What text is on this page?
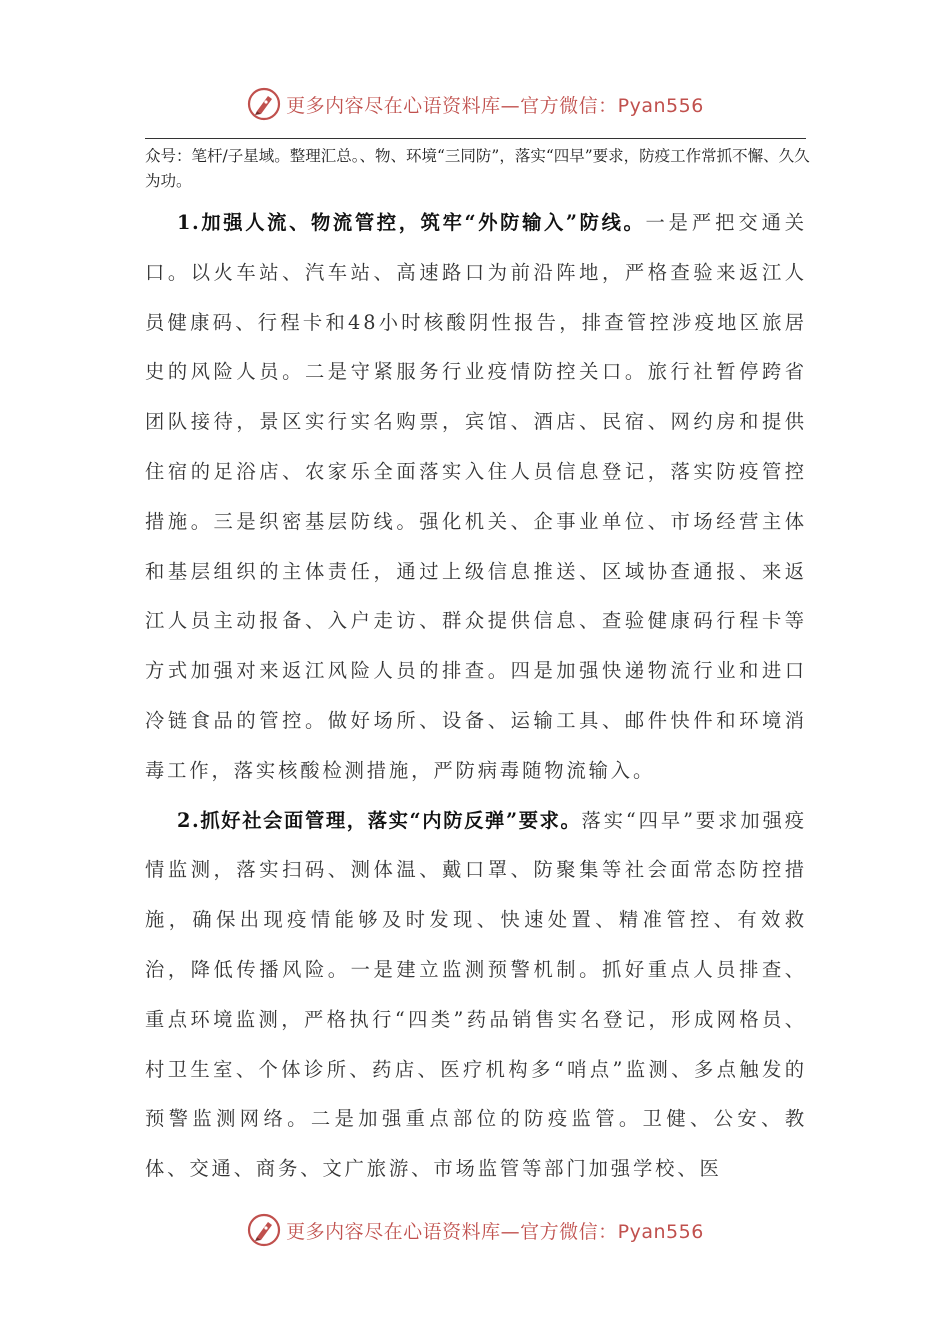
更多内容尽在心语资料库—官方微信：Pyan556
众号：笔杆/子星域。整理汇总。、物、环境“三同防”，落实“四早”要求，防疫工作常抓不懈、久久为功。

1.加强人流、物流管控，筑牢“外防输入”防线。一是严把交通关口。以火车站、汽车站、高速路口为前沿阵地，严格查验来返江人员健康码、行程卡和48小时核酸阴性报告，排查管控涉疫地区旅居史的风险人员。二是守紧服务行业疫情防控关口。旅行社暂停跨省团队接待，景区实行实名购票，宾馆、酒店、民宿、网约房和提供住宿的足浴店、农家乐全面落实入住人员信息登记，落实防疫管控措施。三是织密基层防线。强化机关、企事业单位、市场经营主体和基层组织的主体责任，通过上级信息推送、区域协查通报、来返江人员主动报备、入户走访、群众提供信息、查验健康码行程卡等方式加强对来返江风险人员的排查。四是加强快递物流行业和进口冷链食品的管控。做好场所、设备、运输工具、邮件快件和环境消毒工作，落实核酸检测措施，严防病毒随物流输入。

2.抓好社会面管理，落实“内防反弹”要求。落实“四早”要求加强疫情监测，落实扫码、测体温、戴口罩、防聚集等社会面常态防控措施，确保出现疫情能够及时发现、快速处置、精准管控、有效救治，降低传播风险。一是建立监测预警机制。抓好重点人员排查、重点环境监测，严格执行“四类”药品销售实名登记，形成网格员、村卫生室、个体诊所、药店、医疗机构多“哨点”监测、多点触发的预警监测网络。二是加强重点部位的防疫监管。卫健、公安、教体、交通、商务、文广旅游、市场监管等部门加强学校、医

更多内容尽在心语资料库—官方微信：Pyan556
